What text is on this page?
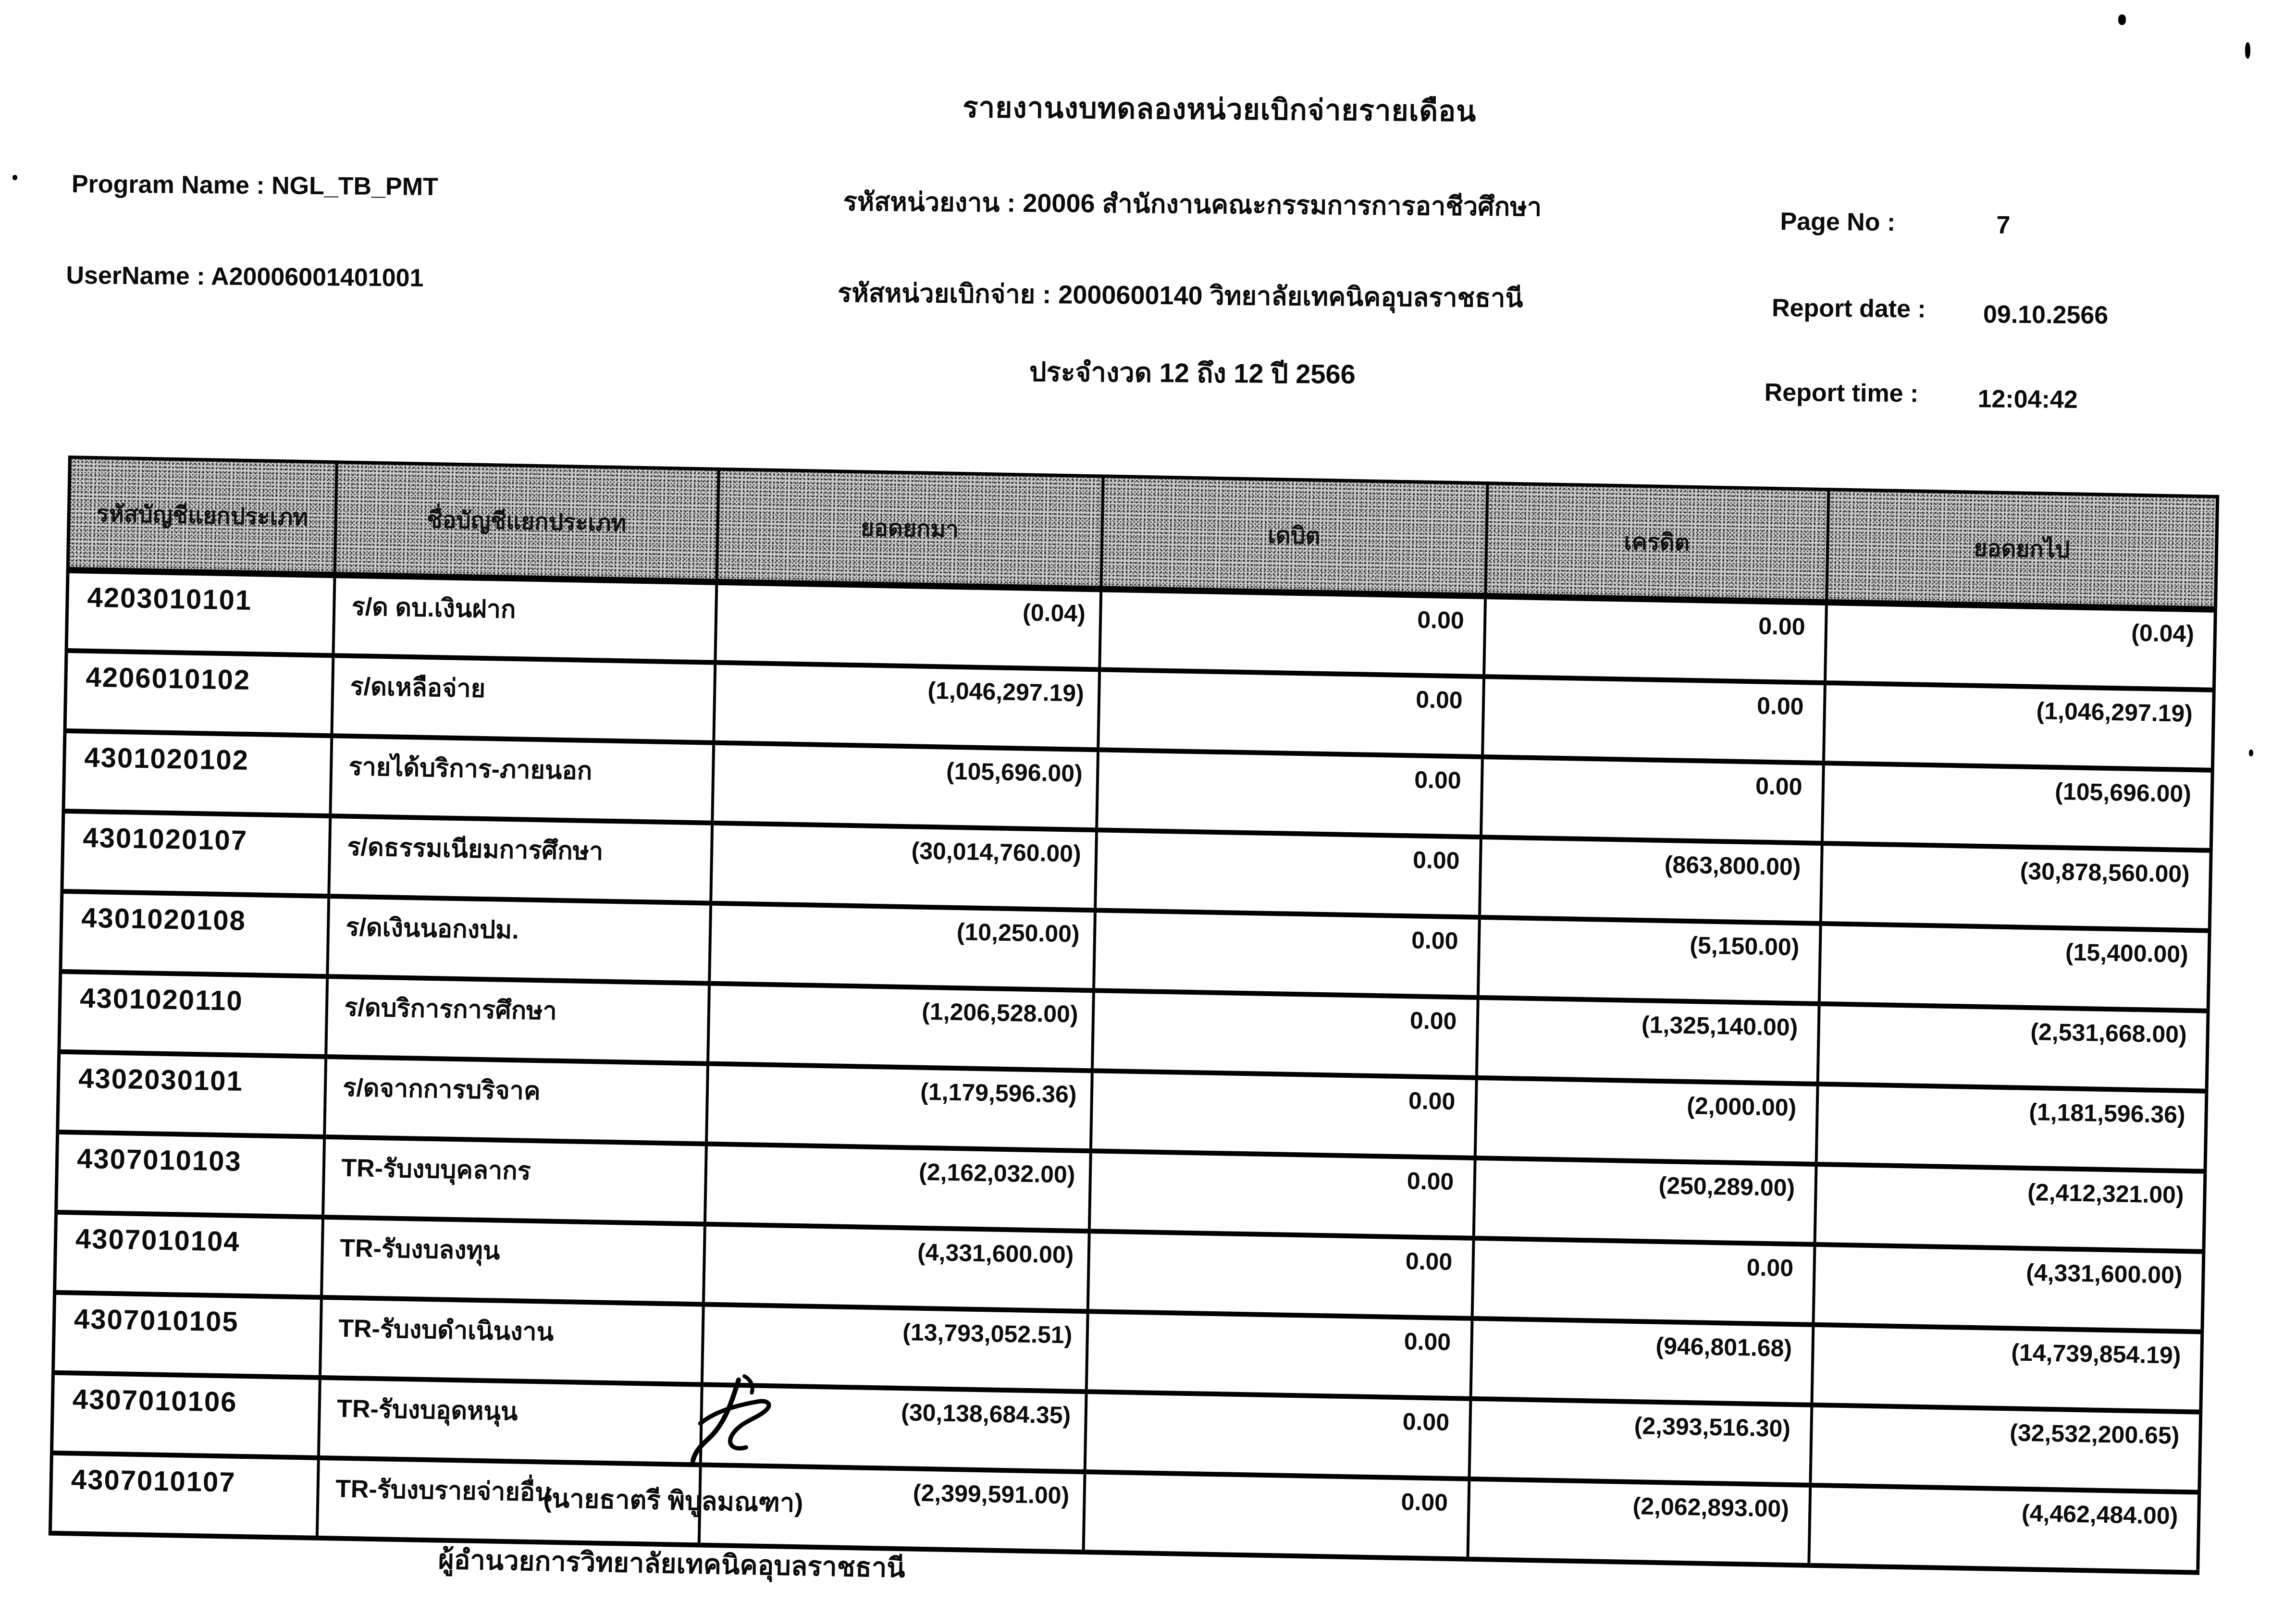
รายงานงบทดลองหน่วยเบิกจ่ายรายเดือน
Program Name : NGL_TB_PMT
UserName : A20006001401001
รหัสหน่วยงาน : 20006 สำนักงานคณะกรรมการการอาชีวศึกษา
รหัสหน่วยเบิกจ่าย : 2000600140 วิทยาลัยเทคนิคอุบลราชธานี
ประจำงวด 12 ถึง 12 ปี 2566
Page No :	7
Report date : 09.10.2566
Report time : 12:04:42
รหัสบัญชีแยกประเภท	ชื่อบัญชีแยกประเภท	ยอดยกมา	เดบิต	เครดิต	ยอดยกไป
4203010101	ร/ด ดบ.เงินฝาก	(0.04)	0.00	0.00	(0.04)
4206010102	ร/ดเหลือจ่าย	(1,046,297.19)	0.00	0.00	(1,046,297.19)
4301020102	รายได้บริการ-ภายนอก	(105,696.00)	0.00	0.00	(105,696.00)
4301020107	ร/ดธรรมเนียมการศึกษา	(30,014,760.00)	0.00	(863,800.00)	(30,878,560.00)
4301020108	ร/ดเงินนอกงปม.	(10,250.00)	0.00	(5,150.00)	(15,400.00)
4301020110	ร/ดบริการการศึกษา	(1,206,528.00)	0.00	(1,325,140.00)	(2,531,668.00)
4302030101	ร/ดจากการบริจาค	(1,179,596.36)	0.00	(2,000.00)	(1,181,596.36)
4307010103	TR-รับงบบุคลากร	(2,162,032.00)	0.00	(250,289.00)	(2,412,321.00)
4307010104	TR-รับงบลงทุน	(4,331,600.00)	0.00	0.00	(4,331,600.00)
4307010105	TR-รับงบดำเนินงาน	(13,793,052.51)	0.00	(946,801.68)	(14,739,854.19)
4307010106	TR-รับงบอุดหนุน	(30,138,684.35)	0.00	(2,393,516.30)	(32,532,200.65)
4307010107	TR-รับงบรายจ่ายอื่น	(2,399,591.00)	0.00	(2,062,893.00)	(4,462,484.00)
(นายธาตรี พิบูลมณฑา)
ผู้อำนวยการวิทยาลัยเทคนิคอุบลราชธานี
